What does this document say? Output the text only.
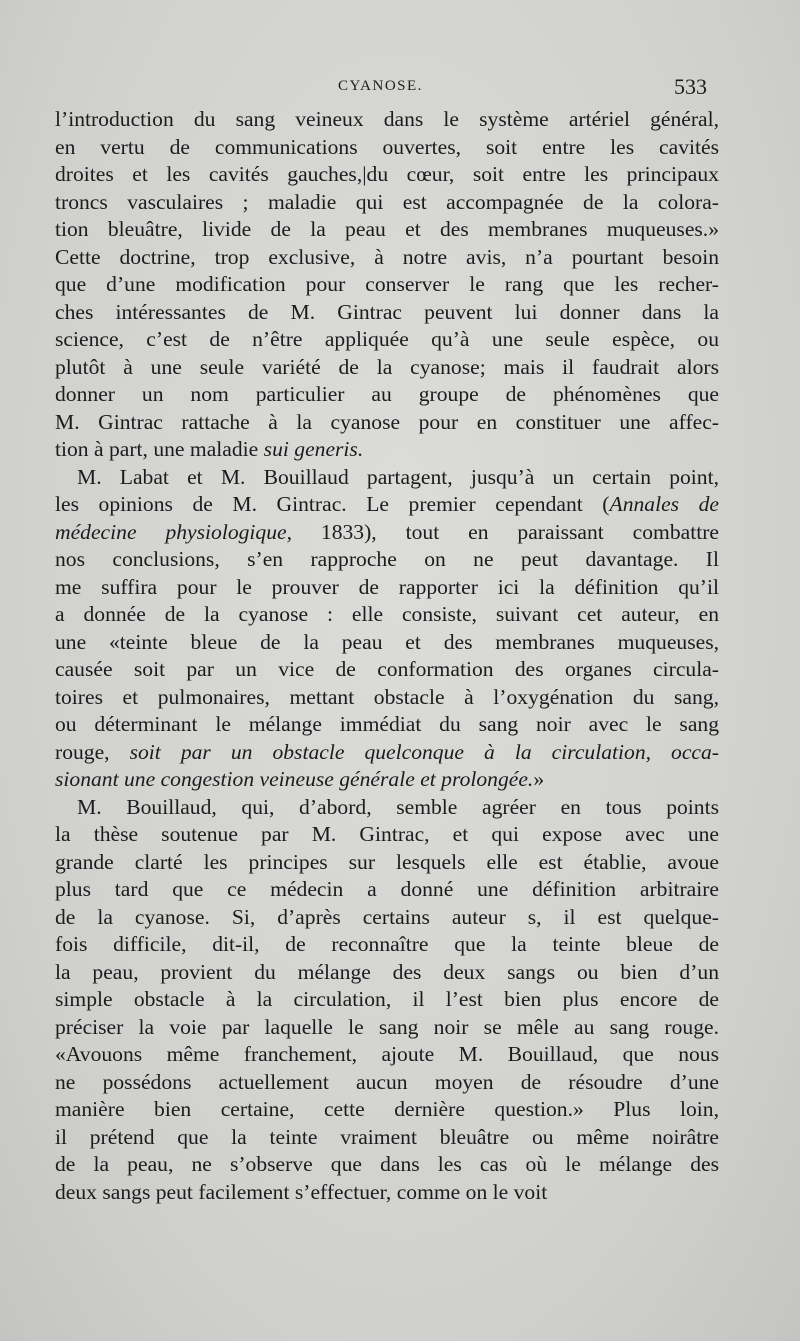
CYANOSE.	533
l’introduction du sang veineux dans le système artériel général,
en vertu de communications ouvertes, soit entre les cavités
droites et les cavités gauches,|du cœur, soit entre les principaux
troncs vasculaires ; maladie qui est accompagnée de la colora-
tion bleuâtre, livide de la peau et des membranes muqueuses.»
Cette doctrine, trop exclusive, à notre avis, n’a pourtant besoin
que d’une modification pour conserver le rang que les recher-
ches intéressantes de M. Gintrac peuvent lui donner dans la
science, c’est de n’être appliquée qu’à une seule espèce, ou
plutôt à une seule variété de la cyanose; mais il faudrait alors
donner un nom particulier au groupe de phénomènes que
M. Gintrac rattache à la cyanose pour en constituer une affec-
tion à part, une maladie sui generis.
M. Labat et M. Bouillaud partagent, jusqu’à un certain point,
les opinions de M. Gintrac. Le premier cependant (Annales de
médecine physiologique, 1833), tout en paraissant combattre
nos conclusions, s’en rapproche on ne peut davantage. Il
me suffira pour le prouver de rapporter ici la définition qu’il
a donnée de la cyanose : elle consiste, suivant cet auteur, en
une «teinte bleue de la peau et des membranes muqueuses,
causée soit par un vice de conformation des organes circula-
toires et pulmonaires, mettant obstacle à l’oxygénation du sang,
ou déterminant le mélange immédiat du sang noir avec le sang
rouge, soit par un obstacle quelconque à la circulation, occa-
sionant une congestion veineuse générale et prolongée.»
M. Bouillaud, qui, d’abord, semble agréer en tous points
la thèse soutenue par M. Gintrac, et qui expose avec une
grande clarté les principes sur lesquels elle est établie, avoue
plus tard que ce médecin a donné une définition arbitraire
de la cyanose. Si, d’après certains auteur s, il est quelque-
fois difficile, dit-il, de reconnaître que la teinte bleue de
la peau, provient du mélange des deux sangs ou bien d’un
simple obstacle à la circulation, il l’est bien plus encore de
préciser la voie par laquelle le sang noir se mêle au sang rouge.
«Avouons même franchement, ajoute M. Bouillaud, que nous
ne possédons actuellement aucun moyen de résoudre d’une
manière bien certaine, cette dernière question.» Plus loin,
il prétend que la teinte vraiment bleuâtre ou même noirâtre
de la peau, ne s’observe que dans les cas où le mélange des
deux sangs peut facilement s’effectuer, comme on le voit
